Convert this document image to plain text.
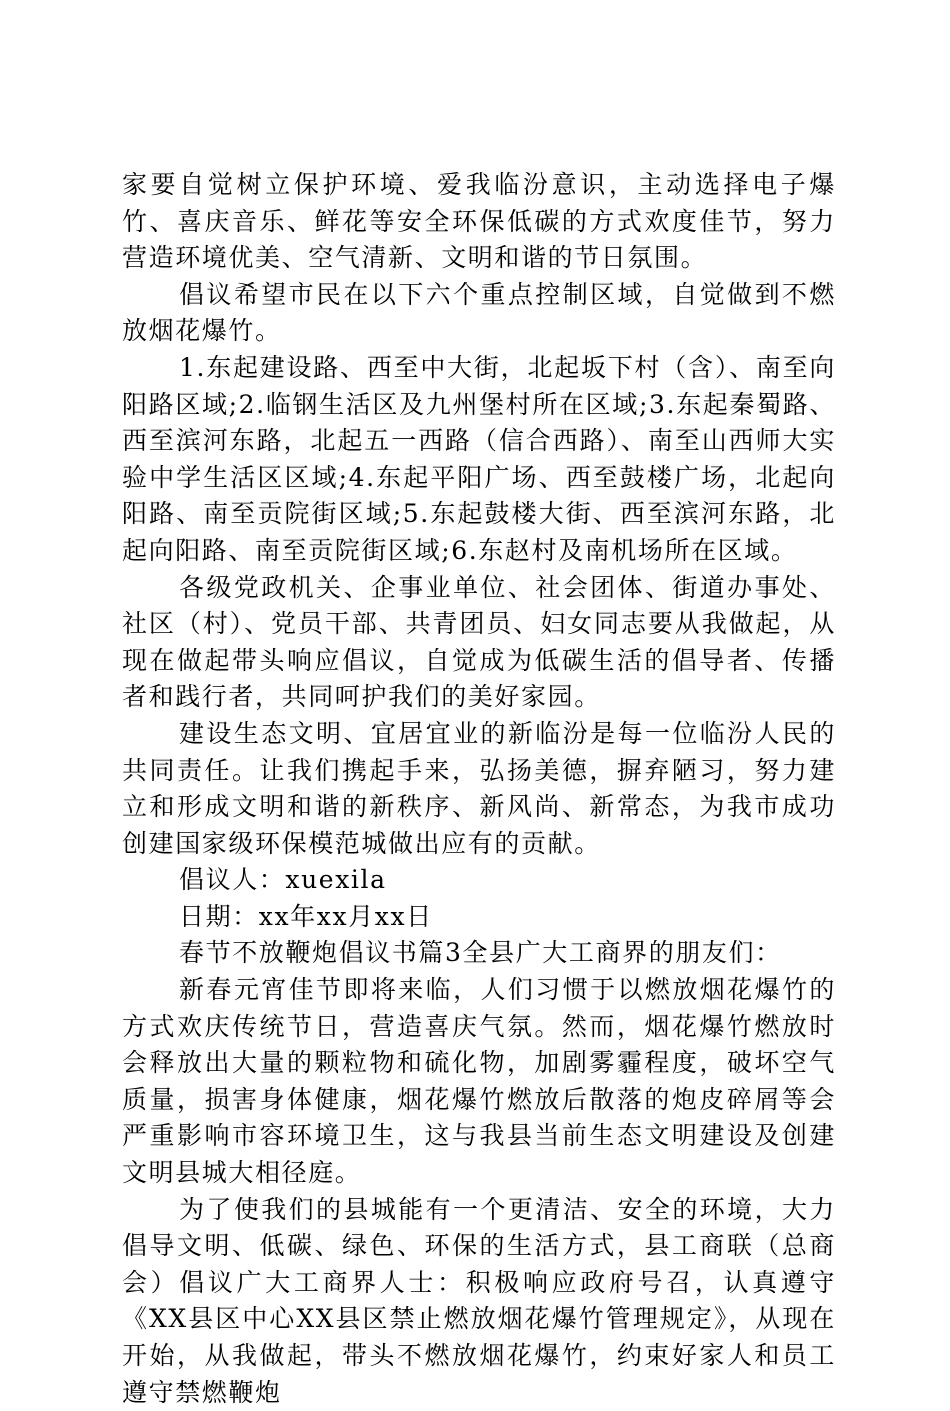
家要自觉树立保护环境、爱我临汾意识，主动选择电子爆竹、喜庆音乐、鲜花等安全环保低碳的方式欢度佳节，努力营造环境优美、空气清新、文明和谐的节日氛围。

倡议希望市民在以下六个重点控制区域，自觉做到不燃放烟花爆竹。

1.东起建设路、西至中大街，北起坂下村（含）、南至向阳路区域;2.临钢生活区及九州堡村所在区域;3.东起秦蜀路、西至滨河东路，北起五一西路（信合西路）、南至山西师大实验中学生活区区域;4.东起平阳广场、西至鼓楼广场，北起向阳路、南至贡院街区域;5.东起鼓楼大街、西至滨河东路，北起向阳路、南至贡院街区域;6.东赵村及南机场所在区域。

各级党政机关、企事业单位、社会团体、街道办事处、社区（村）、党员干部、共青团员、妇女同志要从我做起，从现在做起带头响应倡议，自觉成为低碳生活的倡导者、传播者和践行者，共同呵护我们的美好家园。

建设生态文明、宜居宜业的新临汾是每一位临汾人民的共同责任。让我们携起手来，弘扬美德，摒弃陋习，努力建立和形成文明和谐的新秩序、新风尚、新常态，为我市成功创建国家级环保模范城做出应有的贡献。

倡议人：xuexila

日期：xx年xx月xx日

春节不放鞭炮倡议书篇3全县广大工商界的朋友们：

新春元宵佳节即将来临，人们习惯于以燃放烟花爆竹的方式欢庆传统节日，营造喜庆气氛。然而，烟花爆竹燃放时会释放出大量的颗粒物和硫化物，加剧雾霾程度，破坏空气质量，损害身体健康，烟花爆竹燃放后散落的炮皮碎屑等会严重影响市容环境卫生，这与我县当前生态文明建设及创建文明县城大相径庭。

为了使我们的县城能有一个更清洁、安全的环境，大力倡导文明、低碳、绿色、环保的生活方式，县工商联（总商会）倡议广大工商界人士：积极响应政府号召，认真遵守《XX县区中心XX县区禁止燃放烟花爆竹管理规定》，从现在开始，从我做起，带头不燃放烟花爆竹，约束好家人和员工遵守禁燃鞭炮
